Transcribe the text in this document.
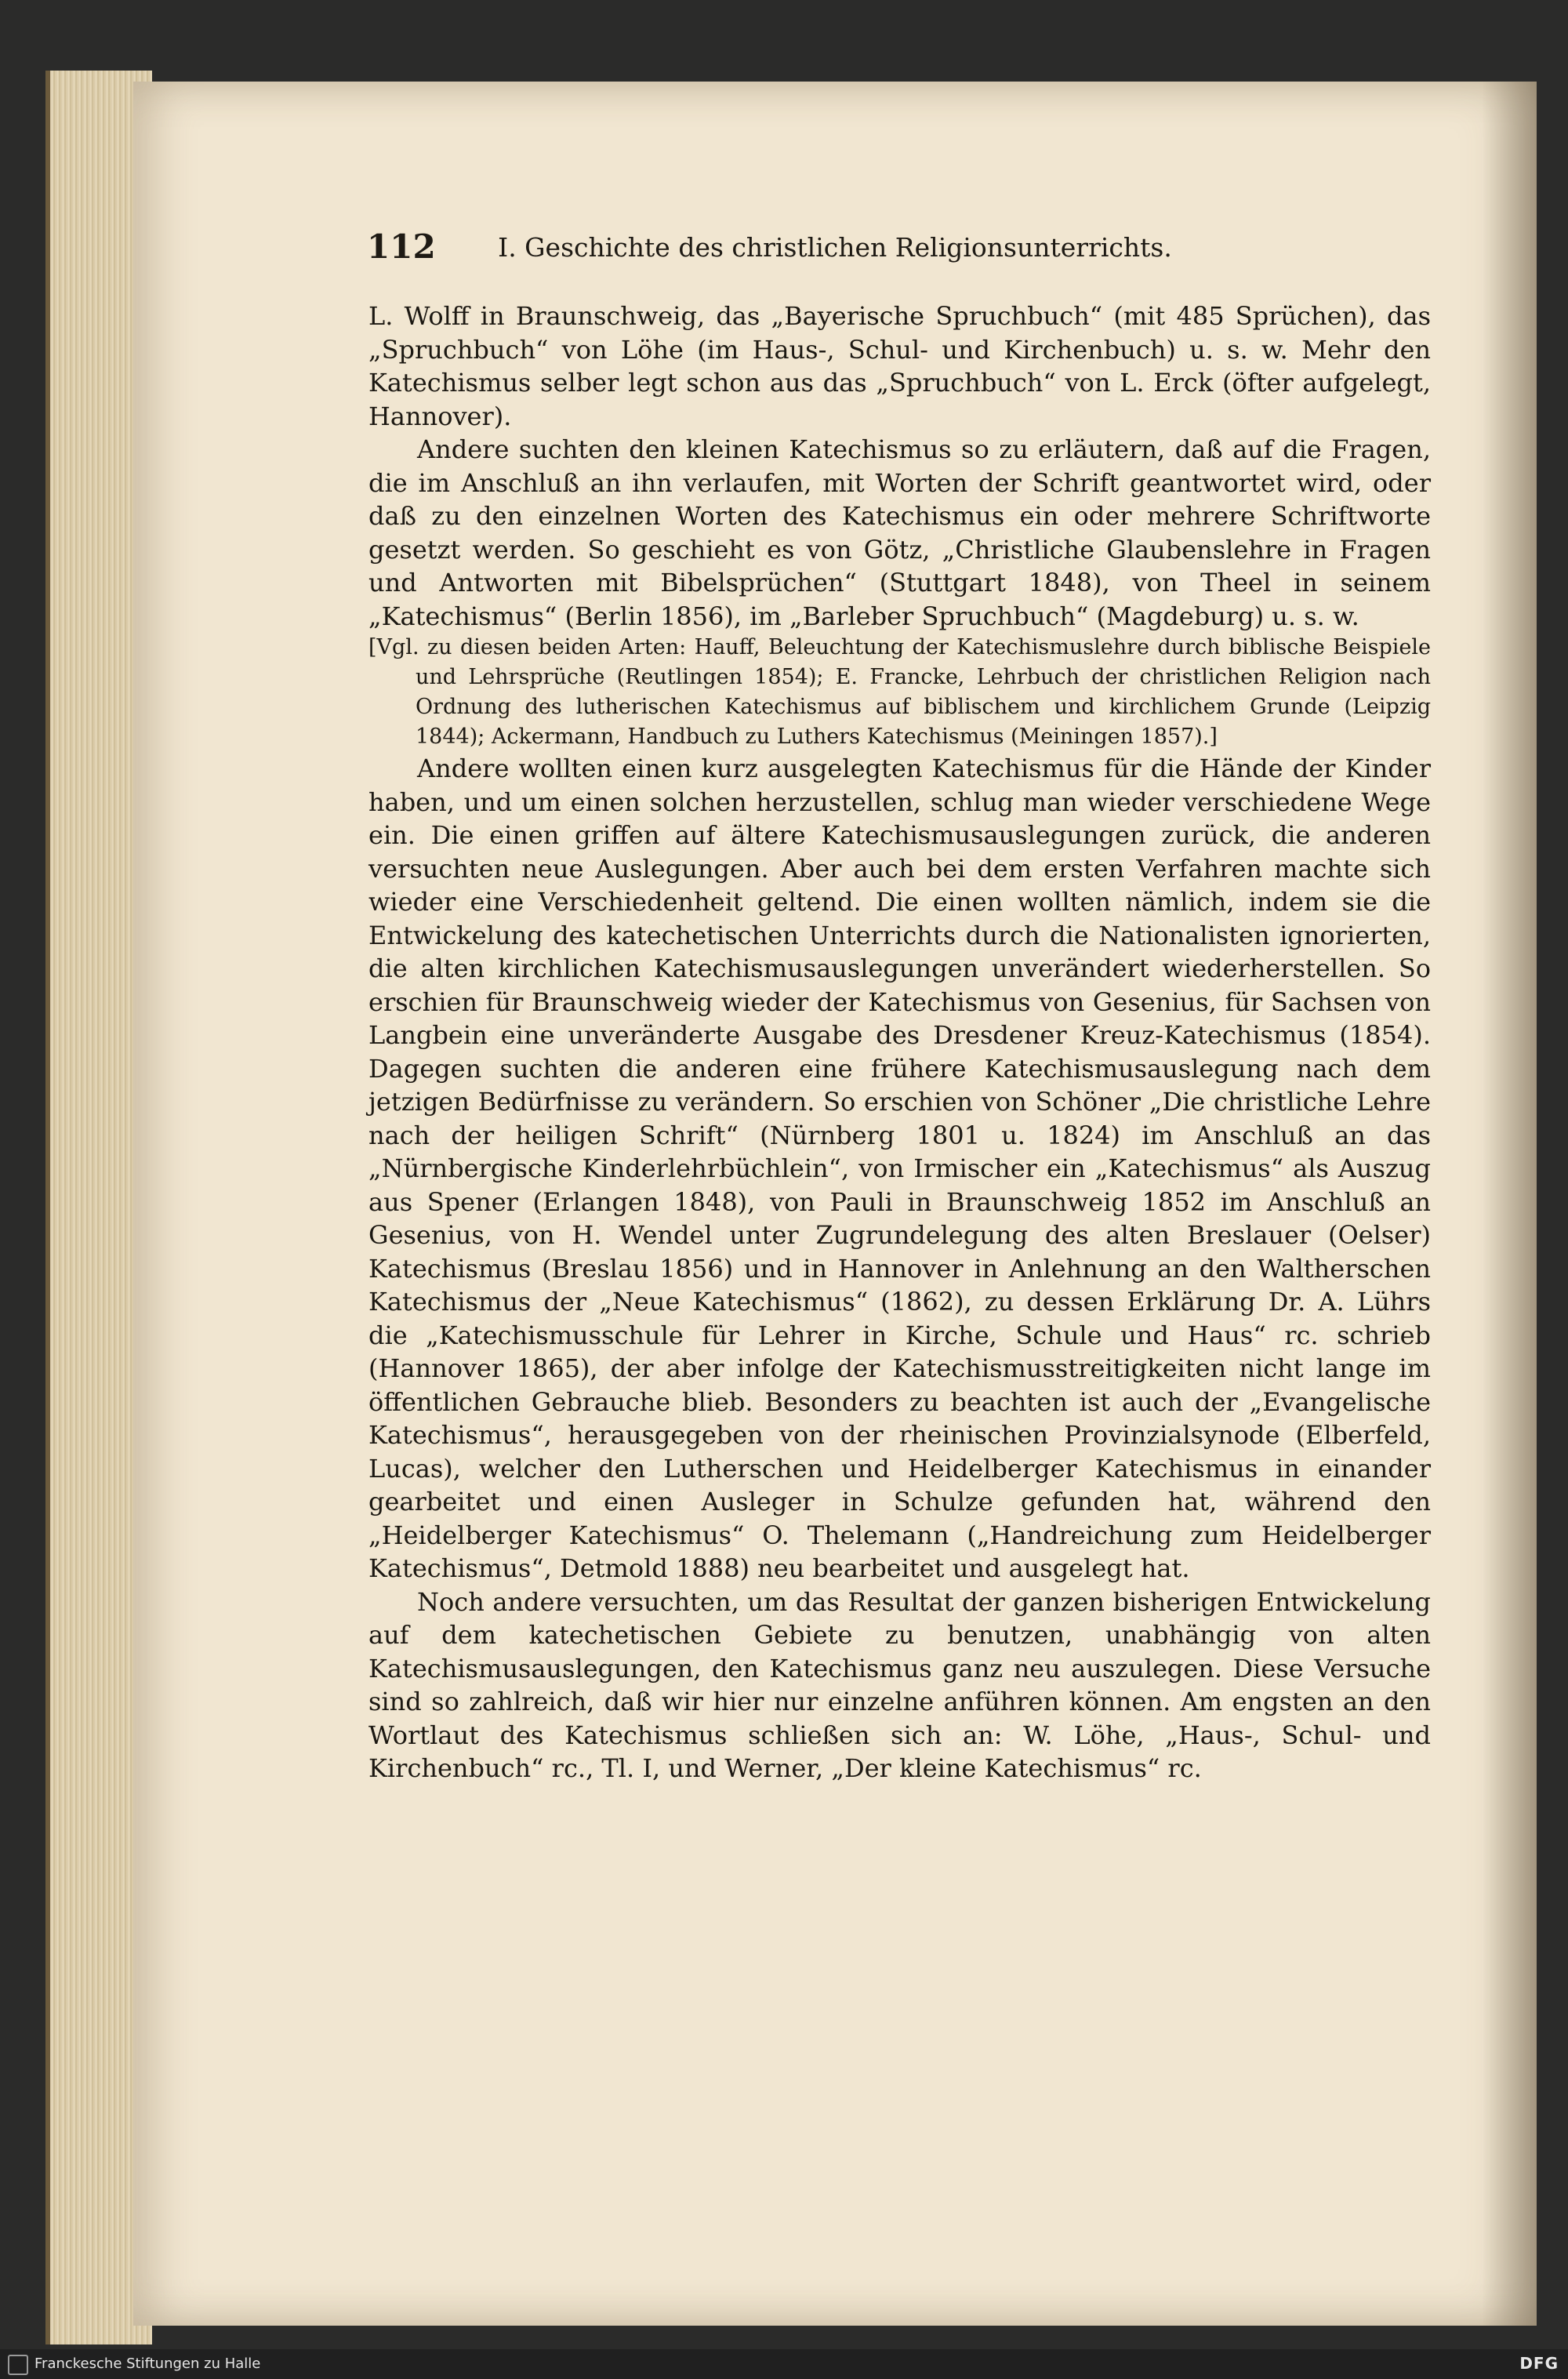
112	I. Geschichte des christlichen Religionsunterrichts.

L. Wolff in Braunschweig, das „Bayerische Spruchbuch“ (mit 485 Sprüchen), das „Spruchbuch“ von Löhe (im Haus-, Schul- und Kirchenbuch) u. s. w. Mehr den Katechismus selber legt schon aus das „Spruchbuch“ von L. Erck (öfter aufgelegt, Hannover).

Andere suchten den kleinen Katechismus so zu erläutern, daß auf die Fragen, die im Anschluß an ihn verlaufen, mit Worten der Schrift geantwortet wird, oder daß zu den einzelnen Worten des Katechismus ein oder mehrere Schriftworte gesetzt werden. So geschieht es von Götz, „Christliche Glaubenslehre in Fragen und Antworten mit Bibelsprüchen“ (Stuttgart 1848), von Theel in seinem „Katechismus“ (Berlin 1856), im „Barleber Spruchbuch“ (Magdeburg) u. s. w.

[Vgl. zu diesen beiden Arten: Hauff, Beleuchtung der Katechismuslehre durch biblische Beispiele und Lehrsprüche (Reutlingen 1854); E. Francke, Lehrbuch der christlichen Religion nach Ordnung des lutherischen Katechismus auf biblischem und kirchlichem Grunde (Leipzig 1844); Ackermann, Handbuch zu Luthers Katechismus (Meiningen 1857).]

Andere wollten einen kurz ausgelegten Katechismus für die Hände der Kinder haben, und um einen solchen herzustellen, schlug man wieder verschiedene Wege ein. Die einen griffen auf ältere Katechismusauslegungen zurück, die anderen versuchten neue Auslegungen. Aber auch bei dem ersten Verfahren machte sich wieder eine Verschiedenheit geltend. Die einen wollten nämlich, indem sie die Entwickelung des katechetischen Unterrichts durch die Nationalisten ignorierten, die alten kirchlichen Katechismusauslegungen unverändert wiederherstellen. So erschien für Braunschweig wieder der Katechismus von Gesenius, für Sachsen von Langbein eine unveränderte Ausgabe des Dresdener Kreuz-Katechismus (1854). Dagegen suchten die anderen eine frühere Katechismusauslegung nach dem jetzigen Bedürfnisse zu verändern. So erschien von Schöner „Die christliche Lehre nach der heiligen Schrift“ (Nürnberg 1801 u. 1824) im Anschluß an das „Nürnbergische Kinderlehrbüchlein“, von Irmischer ein „Katechismus“ als Auszug aus Spener (Erlangen 1848), von Pauli in Braunschweig 1852 im Anschluß an Gesenius, von H. Wendel unter Zugrundelegung des alten Breslauer (Oelser) Katechismus (Breslau 1856) und in Hannover in Anlehnung an den Waltherschen Katechismus der „Neue Katechismus“ (1862), zu dessen Erklärung Dr. A. Lührs die „Katechismusschule für Lehrer in Kirche, Schule und Haus“ rc. schrieb (Hannover 1865), der aber infolge der Katechismusstreitigkeiten nicht lange im öffentlichen Gebrauche blieb. Besonders zu beachten ist auch der „Evangelische Katechismus“, herausgegeben von der rheinischen Provinzialsynode (Elberfeld, Lucas), welcher den Lutherschen und Heidelberger Katechismus in einander gearbeitet und einen Ausleger in Schulze gefunden hat, während den „Heidelberger Katechismus“ O. Thelemann („Handreichung zum Heidelberger Katechismus“, Detmold 1888) neu bearbeitet und ausgelegt hat.

Noch andere versuchten, um das Resultat der ganzen bisherigen Entwickelung auf dem katechetischen Gebiete zu benutzen, unabhängig von alten Katechismusauslegungen, den Katechismus ganz neu auszulegen. Diese Versuche sind so zahlreich, daß wir hier nur einzelne anführen können. Am engsten an den Wortlaut des Katechismus schließen sich an: W. Löhe, „Haus-, Schul- und Kirchenbuch“ rc., Tl. I, und Werner, „Der kleine Katechismus“ rc.

Franckesche Stiftungen zu Halle	DFG
